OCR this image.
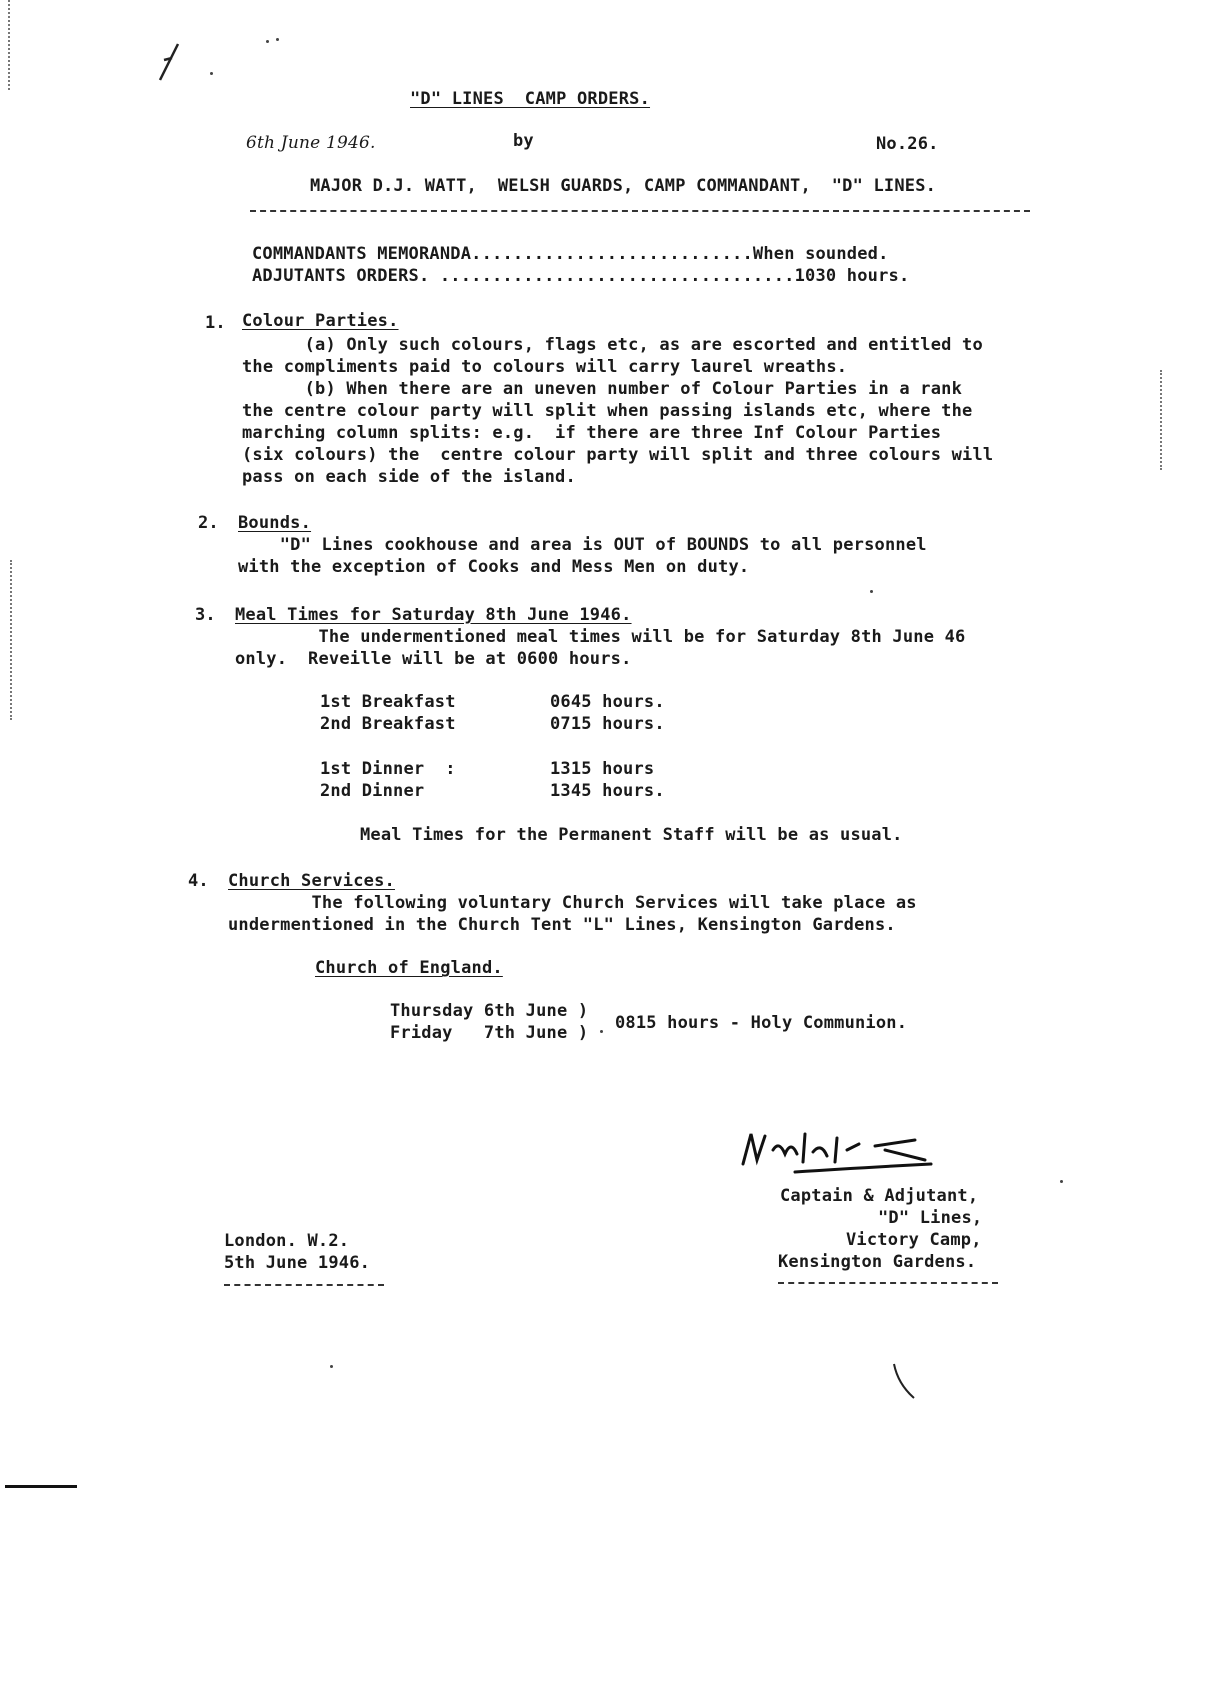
"D" LINES  CAMP ORDERS.
6th June 1946.	by	No.26.
MAJOR D.J. WATT,  WELSH GUARDS, CAMP COMMANDANT,  "D" LINES.
COMMANDANTS MEMORANDA...........................When sounded.
ADJUTANTS ORDERS. ..................................1030 hours.
1. Colour Parties.
(a) Only such colours, flags etc, as are escorted and entitled to
the compliments paid to colours will carry laurel wreaths.
(b) When there are an uneven number of Colour Parties in a rank
the centre colour party will split when passing islands etc, where the
marching column splits: e.g.  if there are three Inf Colour Parties
(six colours) the  centre colour party will split and three colours will
pass on each side of the island.
2. Bounds.
"D" Lines cookhouse and area is OUT of BOUNDS to all personnel
with the exception of Cooks and Mess Men on duty.
3. Meal Times for Saturday 8th June 1946.
The undermentioned meal times will be for Saturday 8th June 46
only.  Reveille will be at 0600 hours.
1st Breakfast	0645 hours.
2nd Breakfast	0715 hours.
1st Dinner  :	1315 hours
2nd Dinner	1345 hours.
Meal Times for the Permanent Staff will be as usual.
4. Church Services.
The following voluntary Church Services will take place as
undermentioned in the Church Tent "L" Lines, Kensington Gardens.
Church of England.
Thursday 6th June )
Friday   7th June ) 0815 hours - Holy Communion.
Captain & Adjutant,
"D" Lines,
Victory Camp,
Kensington Gardens.
London. W.2.
5th June 1946.
